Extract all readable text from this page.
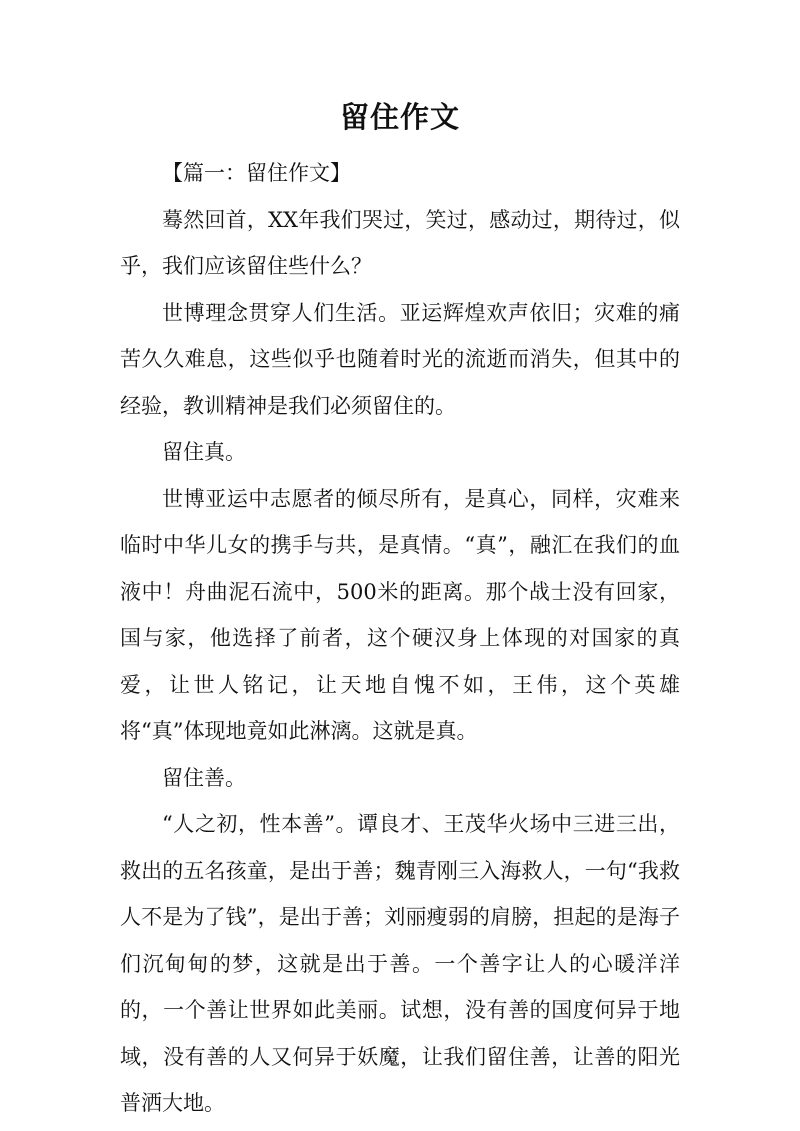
留住作文

【篇一：留住作文】

蓦然回首，XX年我们哭过，笑过，感动过，期待过，似乎，我们应该留住些什么？

世博理念贯穿人们生活。亚运辉煌欢声依旧；灾难的痛苦久久难息，这些似乎也随着时光的流逝而消失，但其中的经验，教训精神是我们必须留住的。

留住真。

世博亚运中志愿者的倾尽所有，是真心，同样，灾难来临时中华儿女的携手与共，是真情。“真”，融汇在我们的血液中！舟曲泥石流中，500米的距离。那个战士没有回家，国与家，他选择了前者，这个硬汉身上体现的对国家的真爱，让世人铭记，让天地自愧不如，王伟，这个英雄将“真”体现地竟如此淋漓。这就是真。

留住善。

“人之初，性本善”。谭良才、王茂华火场中三进三出，救出的五名孩童，是出于善；魏青刚三入海救人，一句“我救人不是为了钱”，是出于善；刘丽瘦弱的肩膀，担起的是海子们沉甸甸的梦，这就是出于善。一个善字让人的心暖洋洋的，一个善让世界如此美丽。试想，没有善的国度何异于地域，没有善的人又何异于妖魔，让我们留住善，让善的阳光普洒大地。
